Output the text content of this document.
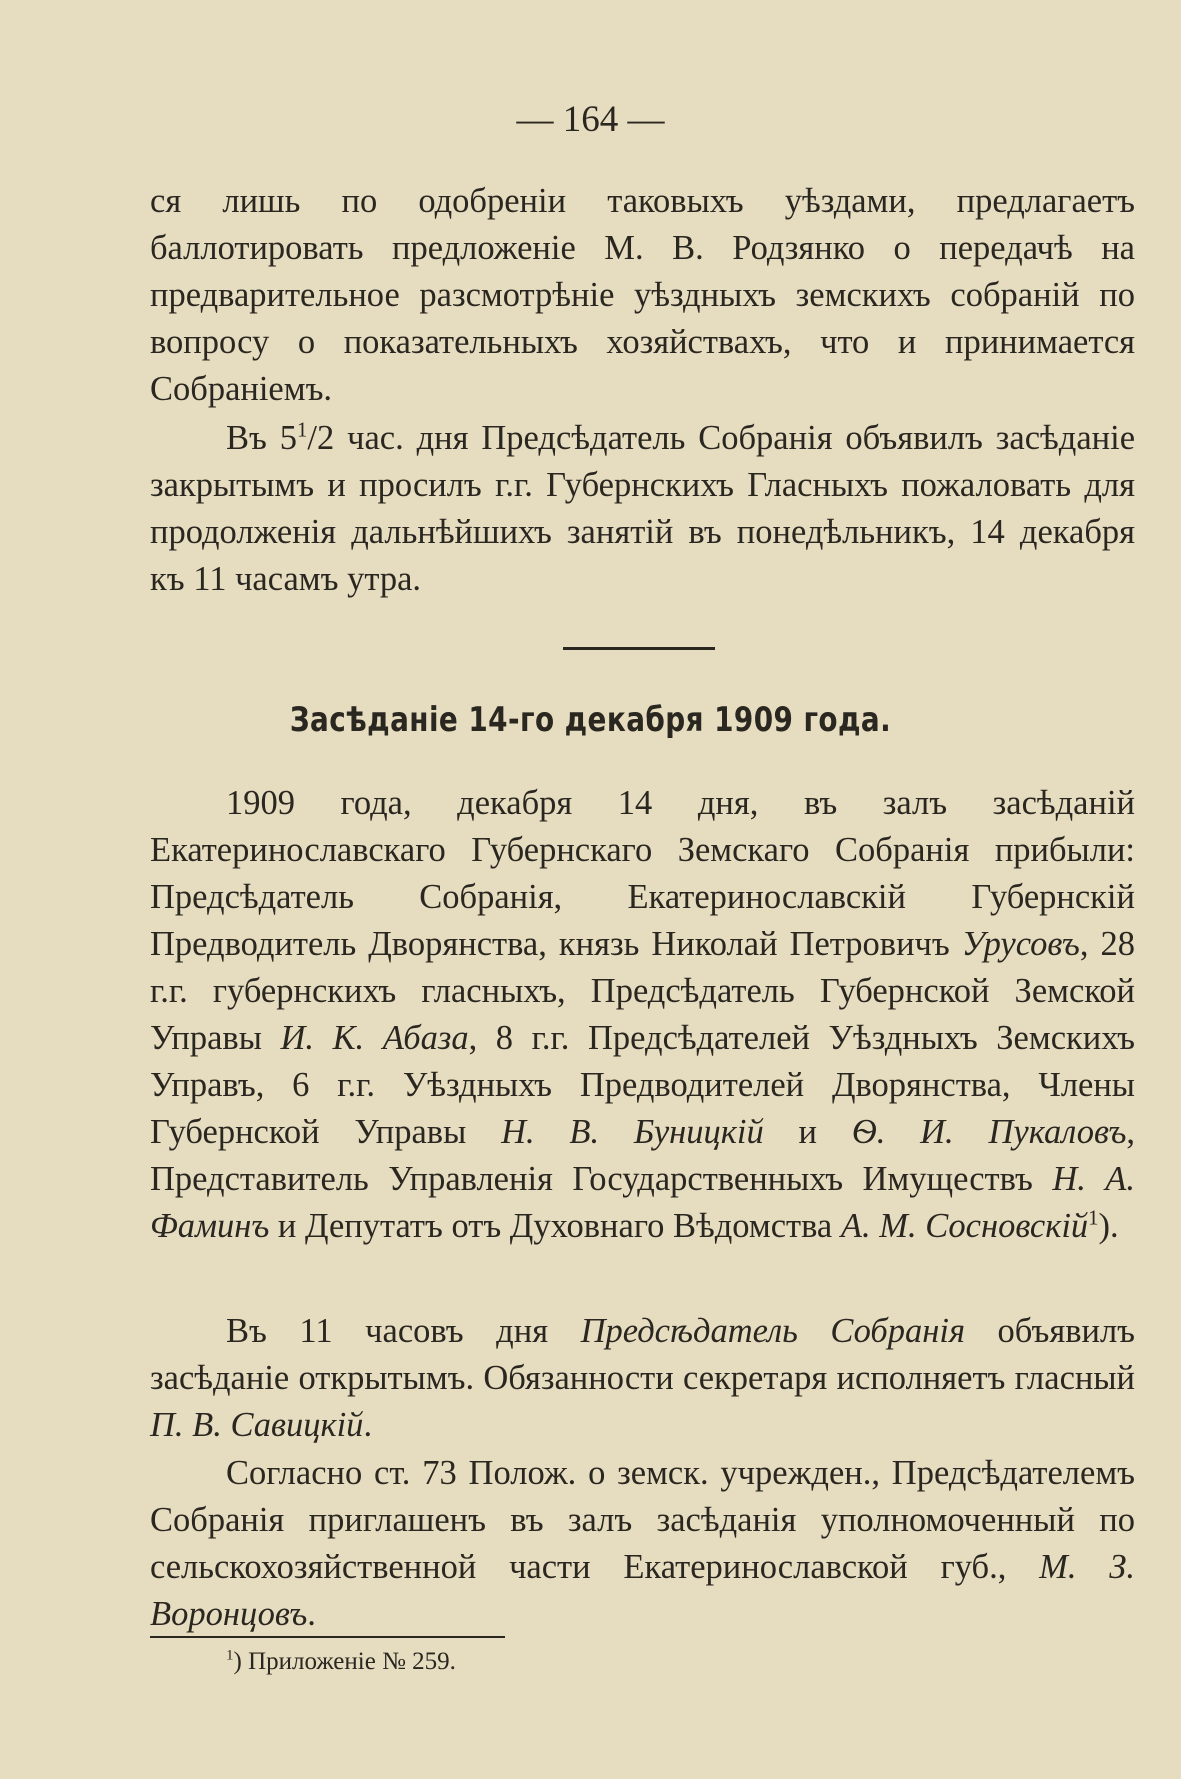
— 164 —

ся лишь по одобреніи таковыхъ уѣздами, предлагаетъ баллотировать предложеніе М. В. Родзянко о передачѣ на предварительное разсмотрѣніе уѣздныхъ земскихъ собраній по вопросу о показательныхъ хозяйствахъ, что и принимается Собраніемъ.

Въ $5^1/2$ час. дня Предсѣдатель Собранія объявилъ засѣданіе закрытымъ и просилъ г.г. Губернскихъ Гласныхъ пожаловать для продолженія дальнѣйшихъ занятій въ понедѣльникъ, 14 декабря къ 11 часамъ утра.

Засѣданіе 14-го декабря 1909 года.

1909 года, декабря 14 дня, въ залъ засѣданій Екатеринославскаго Губернскаго Земскаго Собранія прибыли: Предсѣдатель Собранія, Екатеринославскій Губернскій Предводитель Дворянства, князь Николай Петровичъ Урусовъ, 28 г.г. губернскихъ гласныхъ, Предсѣдатель Губернской Земской Управы И. К. Абаза, 8 г.г. Предсѣдателей Уѣздныхъ Земскихъ Управъ, 6 г.г. Уѣздныхъ Предводителей Дворянства, Члены Губернской Управы Н. В. Буницкій и Ѳ. И. Пукаловъ, Представитель Управленія Государственныхъ Имуществъ Н. А. Фаминъ и Депутатъ отъ Духовнаго Вѣдомства А. М. Сосновскій$^1$).

Въ 11 часовъ дня Предсѣдатель Собранія объявилъ засѣданіе открытымъ. Обязанности секретаря исполняетъ гласный П. В. Савицкій.

Согласно ст. 73 Полож. о земск. учрежден., Предсѣдателемъ Собранія приглашенъ въ залъ засѣданія уполномоченный по сельскохозяйственной части Екатеринославской губ., М. З. Воронцовъ.

$^1$) Приложеніе № 259.
